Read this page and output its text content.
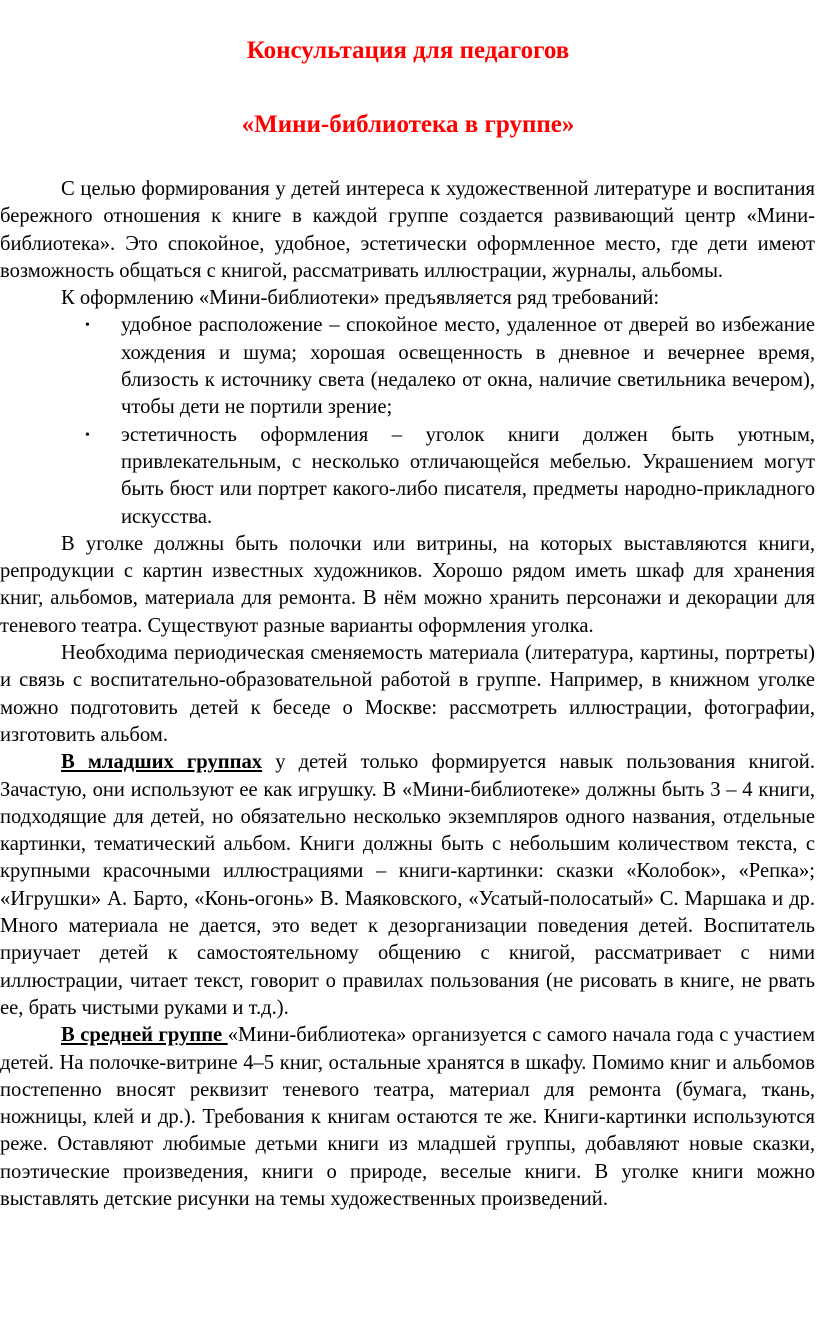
Консультация для педагогов
«Мини-библиотека в группе»

С целью формирования у детей интереса к художественной литературе и воспитания бережного отношения к книге в каждой группе создается развивающий центр «Мини-библиотека». Это спокойное, удобное, эстетически оформленное место, где дети имеют возможность общаться с книгой, рассматривать иллюстрации, журналы, альбомы.

К оформлению «Мини-библиотеки» предъявляется ряд требований:

• удобное расположение – спокойное место, удаленное от дверей во избежание хождения и шума; хорошая освещенность в дневное и вечернее время, близость к источнику света (недалеко от окна, наличие светильника вечером), чтобы дети не портили зрение;
• эстетичность оформления – уголок книги должен быть уютным, привлекательным, с несколько отличающейся мебелью. Украшением могут быть бюст или портрет какого-либо писателя, предметы народно-прикладного искусства.

В уголке должны быть полочки или витрины, на которых выставляются книги, репродукции с картин известных художников. Хорошо рядом иметь шкаф для хранения книг, альбомов, материала для ремонта. В нём можно хранить персонажи и декорации для теневого театра. Существуют разные варианты оформления уголка.

Необходима периодическая сменяемость материала (литература, картины, портреты) и связь с воспитательно-образовательной работой в группе. Например, в книжном уголке можно подготовить детей к беседе о Москве: рассмотреть иллюстрации, фотографии, изготовить альбом.

В младших группах у детей только формируется навык пользования книгой. Зачастую, они используют ее как игрушку. В «Мини-библиотеке» должны быть 3 – 4 книги, подходящие для детей, но обязательно несколько экземпляров одного названия, отдельные картинки, тематический альбом. Книги должны быть с небольшим количеством текста, с крупными красочными иллюстрациями – книги-картинки: сказки «Колобок», «Репка»; «Игрушки» А. Барто, «Конь-огонь» В. Маяковского, «Усатый-полосатый» С. Маршака и др. Много материала не дается, это ведет к дезорганизации поведения детей. Воспитатель приучает детей к самостоятельному общению с книгой, рассматривает с ними иллюстрации, читает текст, говорит о правилах пользования (не рисовать в книге, не рвать ее, брать чистыми руками и т.д.).

В средней группе «Мини-библиотека» организуется с самого начала года с участием детей. На полочке-витрине 4–5 книг, остальные хранятся в шкафу. Помимо книг и альбомов постепенно вносят реквизит теневого театра, материал для ремонта (бумага, ткань, ножницы, клей и др.). Требования к книгам остаются те же. Книги-картинки используются реже. Оставляют любимые детьми книги из младшей группы, добавляют новые сказки, поэтические произведения, книги о природе, веселые книги. В уголке книги можно выставлять детские рисунки на темы художественных произведений.
